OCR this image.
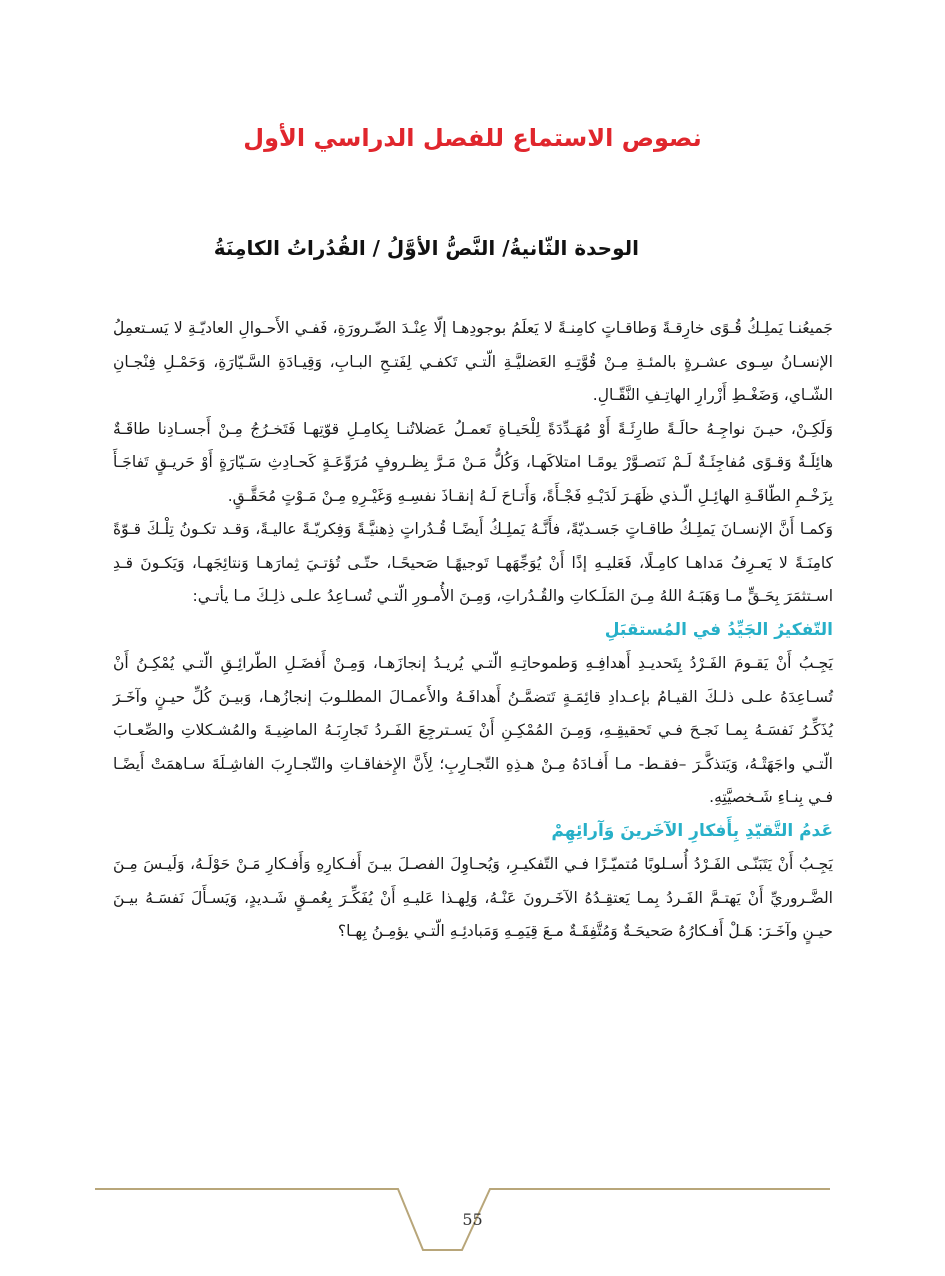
نصوص الاستماع للفصل الدراسي الأول
الوحدة الثّانيةُ/ النَّصُّ الأوَّلُ / القُدُراتُ الكامِنَةُ

جَميعُنـا يَملِـكُ قُـوًى خارِقـةً وَطاقـاتٍ كامِنـةً لا يَعلَمُ بوجودِهـا إلّا عِنْـدَ الضّـرورَةِ، فَفـي الأَحـوالِ العاديّـةِ لا يَسـتعمِلُ الإنسـانُ سِـوى عشـرةٍ بالمئـةِ مِـنْ قُوَّتِـهِ العَضليَّـةِ الّتـي تَكفـي لِفَتـحِ البـابِ، وَقِيـادَةِ السَّـيّارَةِ، وَحَمْـلِ فِنْجـانِ الشّـاي، وَضَغْـطِ أَزْرارِ الهاتِـفِ النَّقّـالِ.

وَلَكِـنْ، حيـنَ نواجِـهُ حالَـةً طارِئَـةً أَوْ مُهَـدِّدَةً لِلْحَيـاةِ تَعمـلُ عَضلاتُنـا بِكامِـلِ قوّتِهـا فَتَخـرُجُ مِـنْ أَجسـادِنا طاقَـةٌ هائِلَـةٌ وَقـوًى مُفاجِئَـةٌ لَـمْ نَتصـوَّرْ يومًـا امتلاكَهـا، وَكُلُّ مَـنْ مَـرَّ بِظـروفٍ مُرَوِّعَـةٍ كَحـادِثِ سَـيّارَةٍ أَوْ حَريـقٍ تَفاجَـأَ بِزَخْـمِ الطّاقَـةِ الهائِـلِ الّـذي ظَهَـرَ لَدَيْـهِ فَجْـأَةً، وَأَتـاحَ لَـهُ إنقـاذَ نفسِـهِ وَغَيْـرِهِ مِـنْ مَـوْتٍ مُحَقَّـقٍ.

وَكمـا أَنَّ الإنسـانَ يَملِـكُ طاقـاتٍ جَسـديّةً، فأَنَّـهُ يَملِـكُ أَيضًـا قُـدُراتٍ ذِهنيَّـةً وَفِكريّـةً عاليـةً، وَقـد تكـونُ تِلْـكَ قـوّةً كامِنَـةً لا يَعـرِفُ مَداهـا كامِـلًا، فَعَليـهِ إذًا أَنْ يُوَجِّهَهـا تَوجيهًـا صَحيحًـا، حتّـى تُؤتـيَ ثِمارَهـا وَنتائِجَهـا، وَيَكـونَ قـدِ اسـتثمَرَ بِحَـقٍّ مـا وَهَبَـهُ اللهُ مِـنَ المَلَـكاتِ والقُـدُراتِ، وَمِـنَ الأُمـورِ الّتـي تُسـاعِدُ علـى ذلِـكَ مـا يأتـي:

التّفكيرُ الجَيِّدُ في المُستقبَلِ

يَجِـبُ أَنْ يَقـومَ الفَـرْدُ بِتَحديـدِ أَهدافِـهِ وَطموحاتِـهِ الّتـي يُريـدُ إنجازَهـا، وَمِـنْ أَفضَـلِ الطّرائِـقِ الّتـي يُمْكِـنُ أَنْ تُسـاعِدَهُ علـى ذلـكَ القيـامُ بإعـدادِ قائِمَـةٍ تَتضمَّـنُ أَهدافَـهُ والأَعمـالَ المطلـوبَ إنجازُهـا، وَبيـنَ كُلِّ حيـنٍ وآخَـرَ يُذَكِّـرُ نَفسَـهُ بِمـا نَجـحَ فـي تَحقيقِـهِ، وَمِـنَ المُمْكِـنِ أَنْ يَسـترجِعَ الفَـردُ تَجارِبَـهُ الماضِيـةَ والمُشـكلاتِ والصِّعـابَ الّتـي واجَهَتْـهُ، وَيَتذكَّـرَ –فقـط- مـا أَفـادَهُ مِـنْ هـذِهِ التّجـارِبِ؛ لِأَنَّ الإِخفاقـاتِ والتّجـارِبَ الفاشِـلَةَ سـاهمَتْ أَيضًـا فـي بِنـاءِ شَـخصيَّتِهِ.

عَدمُ التَّقيّدِ بِأَفكارِ الآخَرينَ وَآرائِهِمْ

يَجِـبُ أَنْ يَتَبَنّـى الفَـرْدُ أُسـلوبًا مُتميّـزًا فـي التّفكيـرِ، وَيُحـاوِلَ الفصـلَ بيـنَ أَفـكارِهِ وَأَفـكارِ مَـنْ حَوْلَـهُ، وَلَيـسَ مِـنَ الضَّـروريِّ أَنْ يَهتـمَّ الفَـردُ بِمـا يَعتقِـدُهُ الآخَـرونَ عَنْـهُ، وَلِهـذا عَليـهِ أَنْ يُفَكِّـرَ بِعُمـقٍ شَـديدٍ، وَيَسـأَلَ نَفسَـهُ بيـنَ حيـنٍ وآخَـرَ: هَـلْ أَفـكارُهُ صَحيحَـةٌ وَمُتَّفِقَـةٌ مـعَ قِيَمِـهِ وَمَبادئِـهِ الّتـي يؤمِـنُ بِهـا؟

55
